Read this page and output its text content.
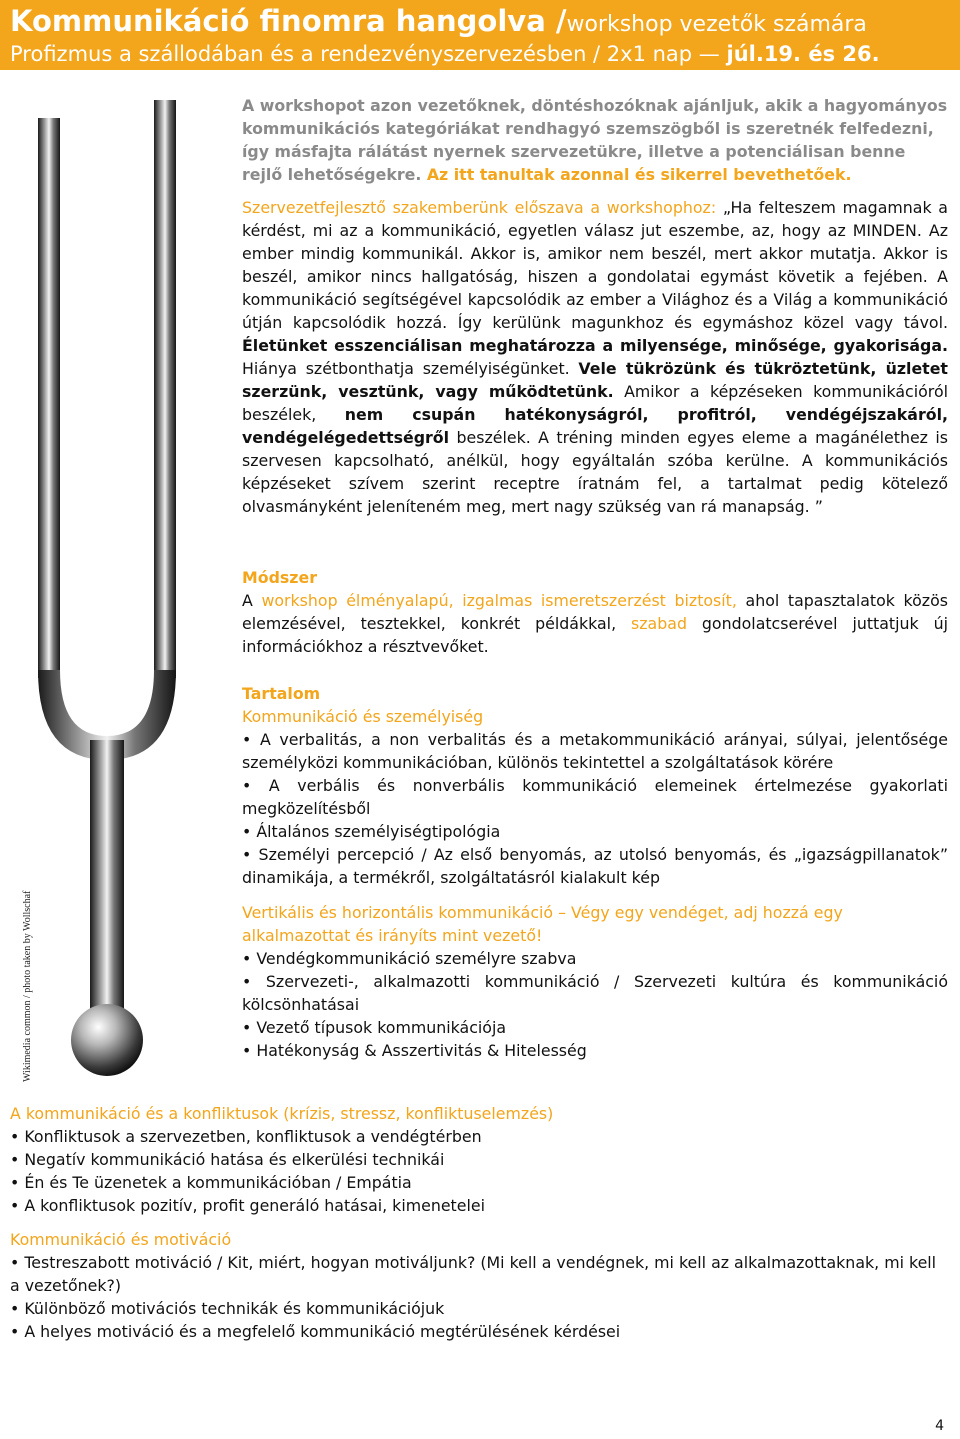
Kommunikáció finomra hangolva /workshop vezetők számára
Profizmus a szállodában és a rendezvényszervezésben / 2x1 nap — júl.19. és 26.
Wikimedia common / photo taken by Wollschaf

A workshopot azon vezetőknek, döntéshozóknak ajánljuk, akik a hagyományos kommunikációs kategóriákat rendhagyó szemszögből is szeretnék felfedezni, így másfajta rálátást nyernek szervezetükre, illetve a potenciálisan benne rejlő lehetőségekre. Az itt tanultak azonnal és sikerrel bevethetőek.

Szervezetfejlesztő szakemberünk előszava a workshophoz: „Ha felteszem magamnak a kérdést, mi az a kommunikáció, egyetlen válasz jut eszembe, az, hogy az MINDEN. Az ember mindig kommunikál. Akkor is, amikor nem beszél, mert akkor mutatja. Akkor is beszél, amikor nincs hallgatóság, hiszen a gondolatai egymást követik a fejében. A kommunikáció segítségével kapcsolódik az ember a Világhoz és a Világ a kommunikáció útján kapcsolódik hozzá. Így kerülünk magunkhoz és egymáshoz közel vagy távol. Életünket esszenciálisan meghatározza a milyensége, minősége, gyakorisága. Hiánya szétbonthatja személyiségünket. Vele tükrözünk és tükröztetünk, üzletet szerzünk, vesztünk, vagy működtetünk. Amikor a képzéseken kommunikációról beszélek, nem csupán hatékonyságról, profitról, vendégéjszakáról, vendégelégedettségről beszélek. A tréning minden egyes eleme a magánélethez is szervesen kapcsolható, anélkül, hogy egyáltalán szóba kerülne. A kommunikációs képzéseket szívem szerint receptre íratnám fel, a tartalmat pedig kötelező olvasmányként jeleníteném meg, mert nagy szükség van rá manapság. ”

Módszer

A workshop élményalapú, izgalmas ismeretszerzést biztosít, ahol tapasztalatok közös elemzésével, tesztekkel, konkrét példákkal, szabad gondolatcserével juttatjuk új információkhoz a résztvevőket.

Tartalom

Kommunikáció és személyiség

• A verbalitás, a non verbalitás és a metakommunikáció arányai, súlyai, jelentősége személyközi kommunikációban, különös tekintettel a szolgáltatások körére
• A verbális és nonverbális kommunikáció elemeinek értelmezése gyakorlati megközelítésből
• Általános személyiségtipológia
• Személyi percepció / Az első benyomás, az utolsó benyomás, és „igazságpillanatok” dinamikája, a termékről, szolgáltatásról kialakult kép

Vertikális és horizontális kommunikáció – Végy egy vendéget, adj hozzá egy alkalmazottat és irányíts mint vezető!

• Vendégkommunikáció személyre szabva
• Szervezeti-, alkalmazotti kommunikáció / Szervezeti kultúra és kommunikáció kölcsönhatásai
• Vezető típusok kommunikációja
• Hatékonyság & Asszertivitás & Hitelesség

A kommunikáció és a konfliktusok (krízis, stressz, konfliktuselemzés)

• Konfliktusok a szervezetben, konfliktusok a vendégtérben
• Negatív kommunikáció hatása és elkerülési technikái
• Én és Te üzenetek a kommunikációban / Empátia
• A konfliktusok pozitív, profit generáló hatásai, kimenetelei

Kommunikáció és motiváció

• Testreszabott motiváció / Kit, miért, hogyan motiváljunk? (Mi kell a vendégnek, mi kell az alkalmazottaknak, mi kell a vezetőnek?)
• Különböző motivációs technikák és kommunikációjuk
• A helyes motiváció és a megfelelő kommunikáció megtérülésének kérdései
4
